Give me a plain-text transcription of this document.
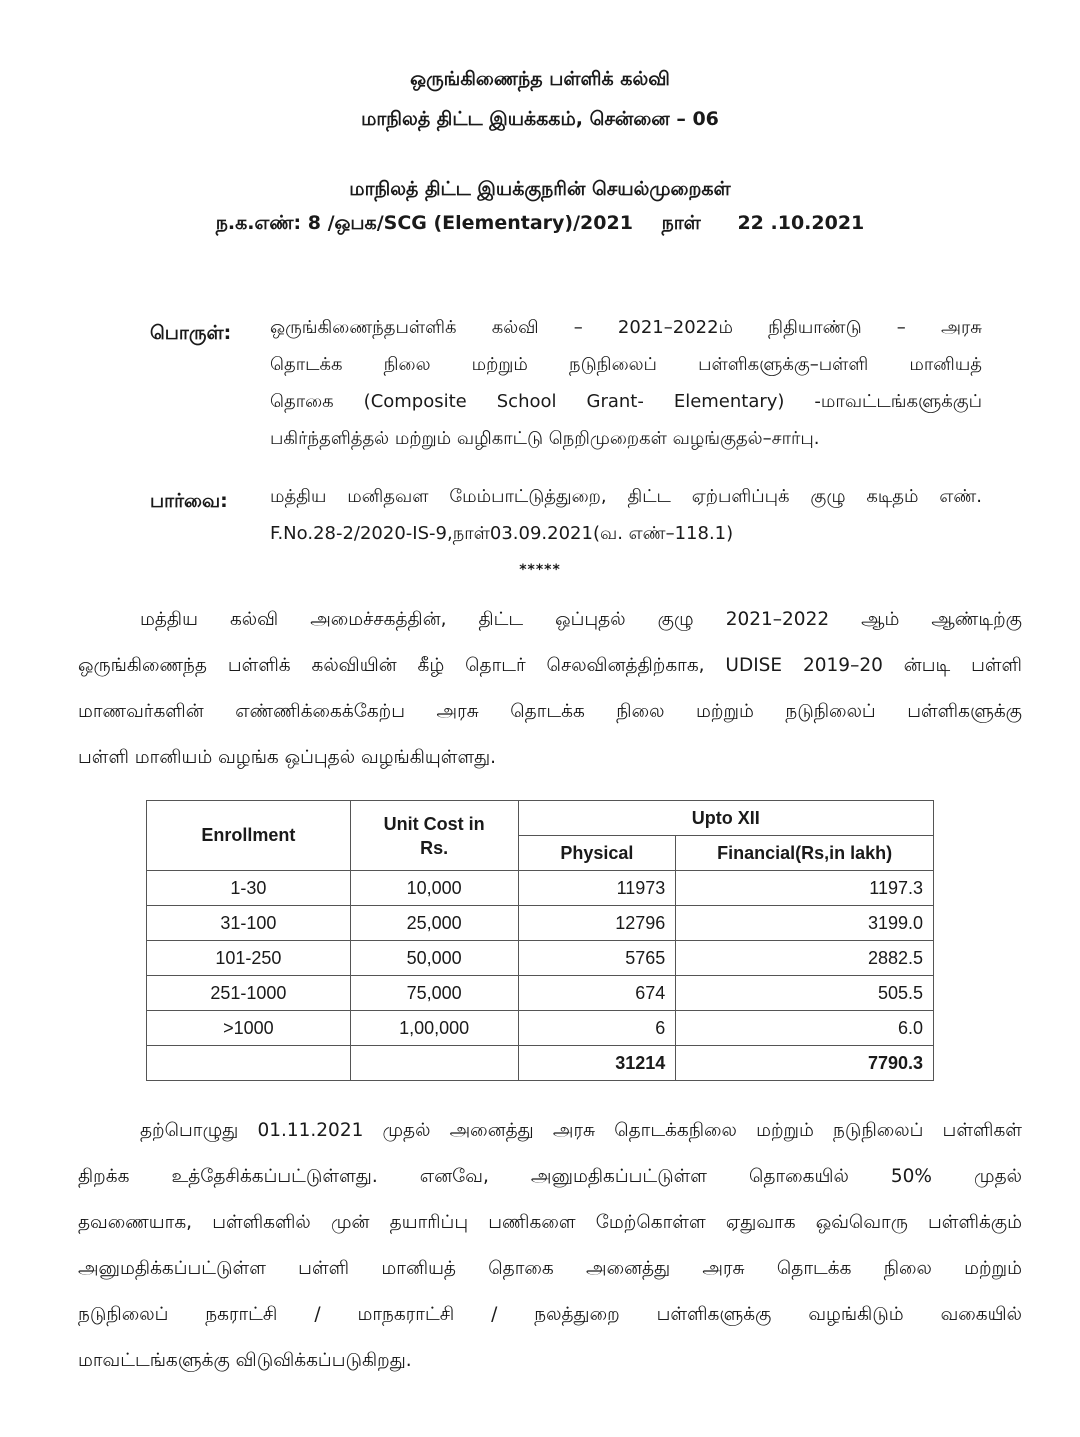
ஒருங்கிணைந்த பள்ளிக் கல்வி
மாநிலத் திட்ட இயக்ககம், சென்னை – 06
மாநிலத் திட்ட இயக்குநரின் செயல்முறைகள்
ந.க.எண்: 8 /ஒபக/SCG (Elementary)/2021 நாள் 22 .10.2021
பொருள்: ஒருங்கிணைந்தபள்ளிக் கல்வி – 2021–2022ம் நிதியாண்டு – அரசு
தொடக்க நிலை மற்றும் நடுநிலைப் பள்ளிகளுக்கு–பள்ளி மானியத்
தொகை (Composite School Grant- Elementary) -மாவட்டங்களுக்குப்
பகிர்ந்தளித்தல் மற்றும் வழிகாட்டு நெறிமுறைகள் வழங்குதல்–சார்பு.
பார்வை: மத்திய மனிதவள மேம்பாட்டுத்துறை, திட்ட ஏற்பளிப்புக் குழு கடிதம் எண்.
F.No.28-2/2020-IS-9,நாள்03.09.2021(வ. எண்–118.1)
*****
மத்திய கல்வி அமைச்சகத்தின், திட்ட ஒப்புதல் குழு 2021–2022 ஆம் ஆண்டிற்கு
ஒருங்கிணைந்த பள்ளிக் கல்வியின் கீழ் தொடர் செலவினத்திற்காக, UDISE 2019–20 ன்படி பள்ளி
மாணவர்களின் எண்ணிக்கைக்கேற்ப அரசு தொடக்க நிலை மற்றும் நடுநிலைப் பள்ளிகளுக்கு
பள்ளி மானியம் வழங்க ஒப்புதல் வழங்கியுள்ளது.
Enrollment	Unit Cost in Rs.	Upto XII	
		Physical	Financial(Rs,in lakh)
1-30	10,000	11973	1197.3
31-100	25,000	12796	3199.0
101-250	50,000	5765	2882.5
251-1000	75,000	674	505.5
>1000	1,00,000	6	6.0
		31214	7790.3
தற்பொழுது 01.11.2021 முதல் அனைத்து அரசு தொடக்கநிலை மற்றும் நடுநிலைப் பள்ளிகள்
திறக்க உத்தேசிக்கப்பட்டுள்ளது. எனவே, அனுமதிகப்பட்டுள்ள தொகையில் 50% முதல்
தவணையாக, பள்ளிகளில் முன் தயாரிப்பு பணிகளை மேற்கொள்ள ஏதுவாக ஒவ்வொரு பள்ளிக்கும்
அனுமதிக்கப்பட்டுள்ள பள்ளி மானியத் தொகை அனைத்து அரசு தொடக்க நிலை மற்றும்
நடுநிலைப் நகராட்சி / மாநகராட்சி / நலத்துறை பள்ளிகளுக்கு வழங்கிடும் வகையில்
மாவட்டங்களுக்கு விடுவிக்கப்படுகிறது.
